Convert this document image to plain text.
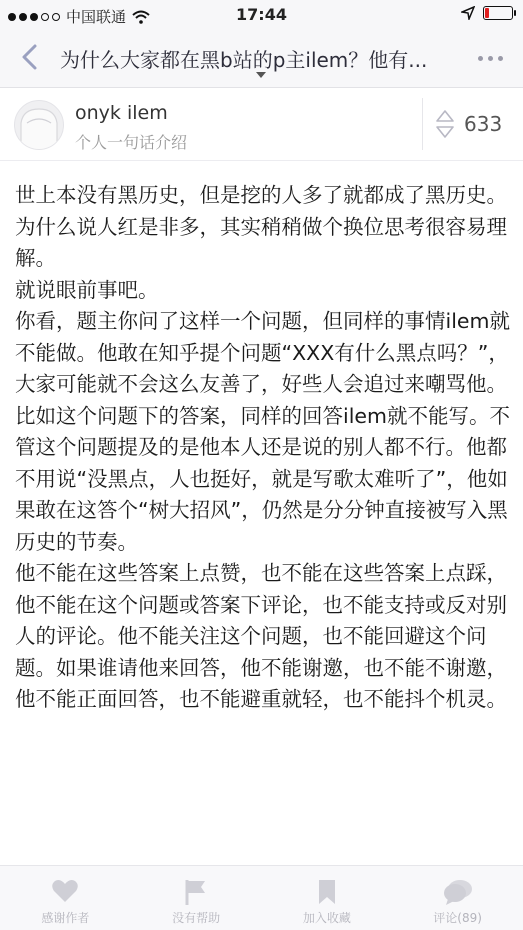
中国联通	17:44
为什么大家都在黑b站的p主ilem？他有...
onyk ilem
个人一句话介绍
633

世上本没有黑历史，但是挖的人多了就都成了黑历史。

为什么说人红是非多，其实稍稍做个换位思考很容易理解。

就说眼前事吧。

你看，题主你问了这样一个问题，但同样的事情ilem就不能做。他敢在知乎提个问题“XXX有什么黑点吗？”，大家可能就不会这么友善了，好些人会追过来嘲骂他。

比如这个问题下的答案，同样的回答ilem就不能写。不管这个问题提及的是他本人还是说的别人都不行。他都不用说“没黑点，人也挺好，就是写歌太难听了”，他如果敢在这答个“树大招风”，仍然是分分钟直接被写入黑历史的节奏。

他不能在这些答案上点赞，也不能在这些答案上点踩，他不能在这个问题或答案下评论，也不能支持或反对别人的评论。他不能关注这个问题，也不能回避这个问题。如果谁请他来回答，他不能谢邀，也不能不谢邀，他不能正面回答，也不能避重就轻，也不能抖个机灵。

感谢作者	没有帮助	加入收藏	评论(89)
